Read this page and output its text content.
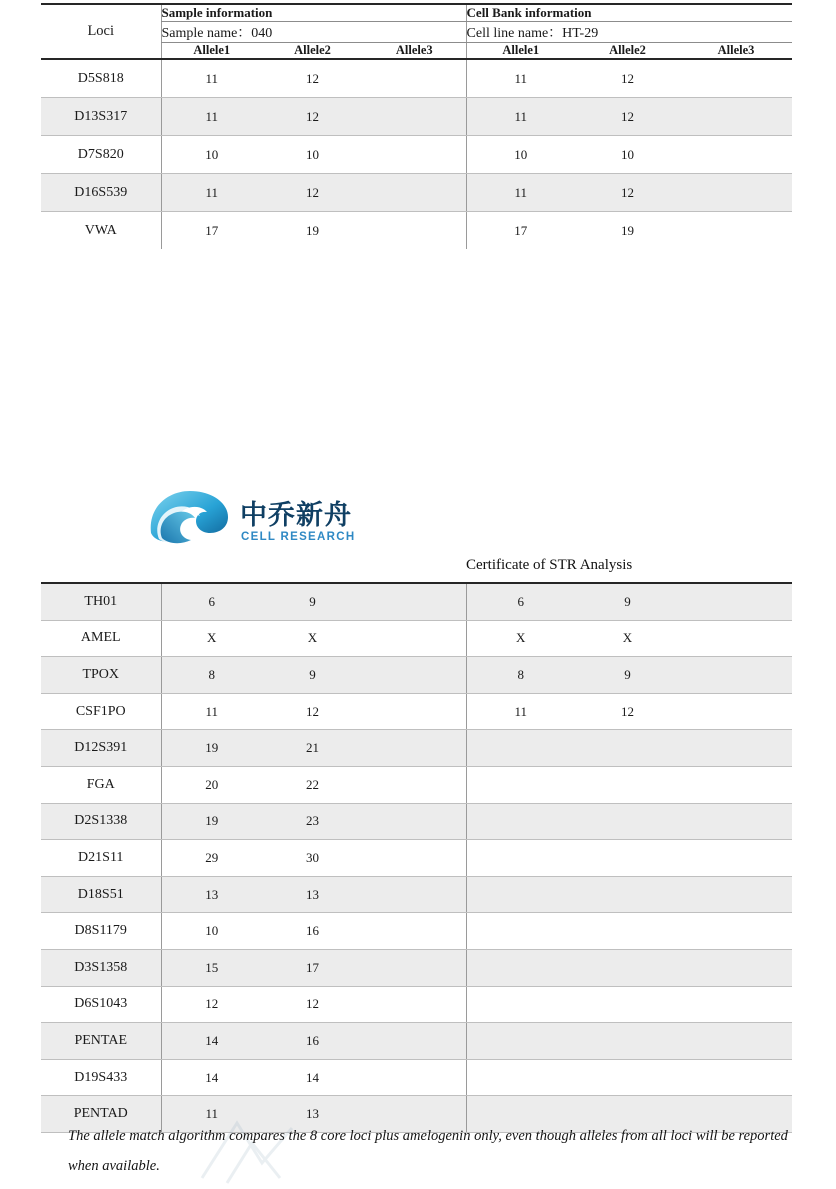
Loci	Sample information			Cell Bank information		
	Sample name：040			Cell line name：HT-29		
	Allele1	Allele2	Allele3	Allele1	Allele2	Allele3
D5S818	11	12		11	12	
D13S317	11	12		11	12	
D7S820	10	10		10	10	
D16S539	11	12		11	12	
VWA	17	19		17	19	
中乔新舟
CELL RESEARCH
Certificate of STR Analysis
TH01	6	9		6	9	
AMEL	X	X		X	X	
TPOX	8	9		8	9	
CSF1PO	11	12		11	12	
D12S391	19	21				
FGA	20	22				
D2S1338	19	23				
D21S11	29	30				
D18S51	13	13				
D8S1179	10	16				
D3S1358	15	17				
D6S1043	12	12				
PENTAE	14	16				
D19S433	14	14				
PENTAD	11	13				
The allele match algorithm compares the 8 core loci plus amelogenin only, even though alleles from all loci will be reported when available.
